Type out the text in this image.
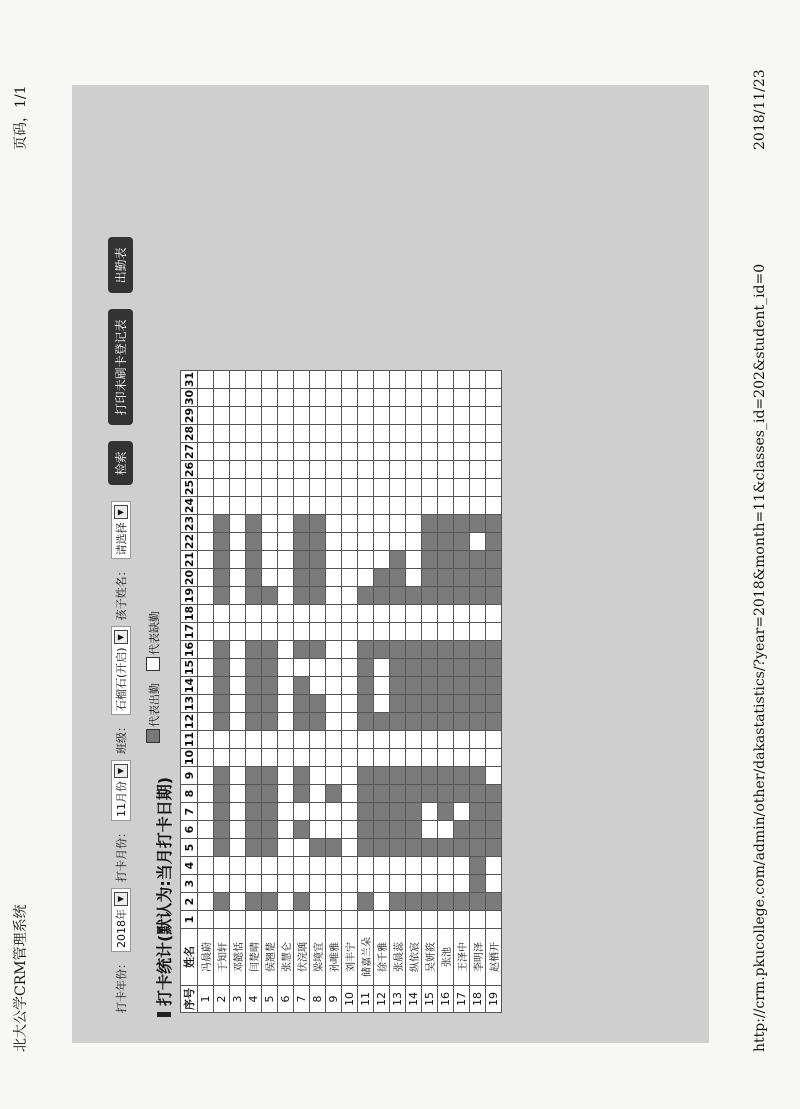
北大公学CRM管理系统
页码，1/1
http://crm.pkucollege.com/admin/other/dakastatistics/?year=2018&month=11&classes_id=202&student_id=0
2018/11/23
打卡年份：
2018年
▼
打卡月份：
11月份
▼
班级：
石榴石(开启)
▼
孩子姓名：
请选择
▼
检索
打印未刷卡登记表
出勤表
打卡统计(默认为:当月打卡日期)
代表出勤
代表缺勤
序号	姓名	1	2	3	4	5	6	7	8	9	10	11	12	13	14	15	16	17	18	19	20	21	22	23	24	25	26	27	28	29	30	31
1	冯晨蔚																															
2	于知轩																															
3	邓懿恬																															
4	闫楚晴																															
5	侯翘楚																															
6	张慧仑																															
7	伏浣瑀																															
8	梁境宜																															
9	孙唯雅																															
10	刘丰宁																															
11	储嘉兰朵																															
12	徐千雅																															
13	张晨蕊																															
14	纵依宸																															
15	吴妍筱																															
16	张池																															
17	王泽中																															
18	李明泽																															
19	赵栖开																															
